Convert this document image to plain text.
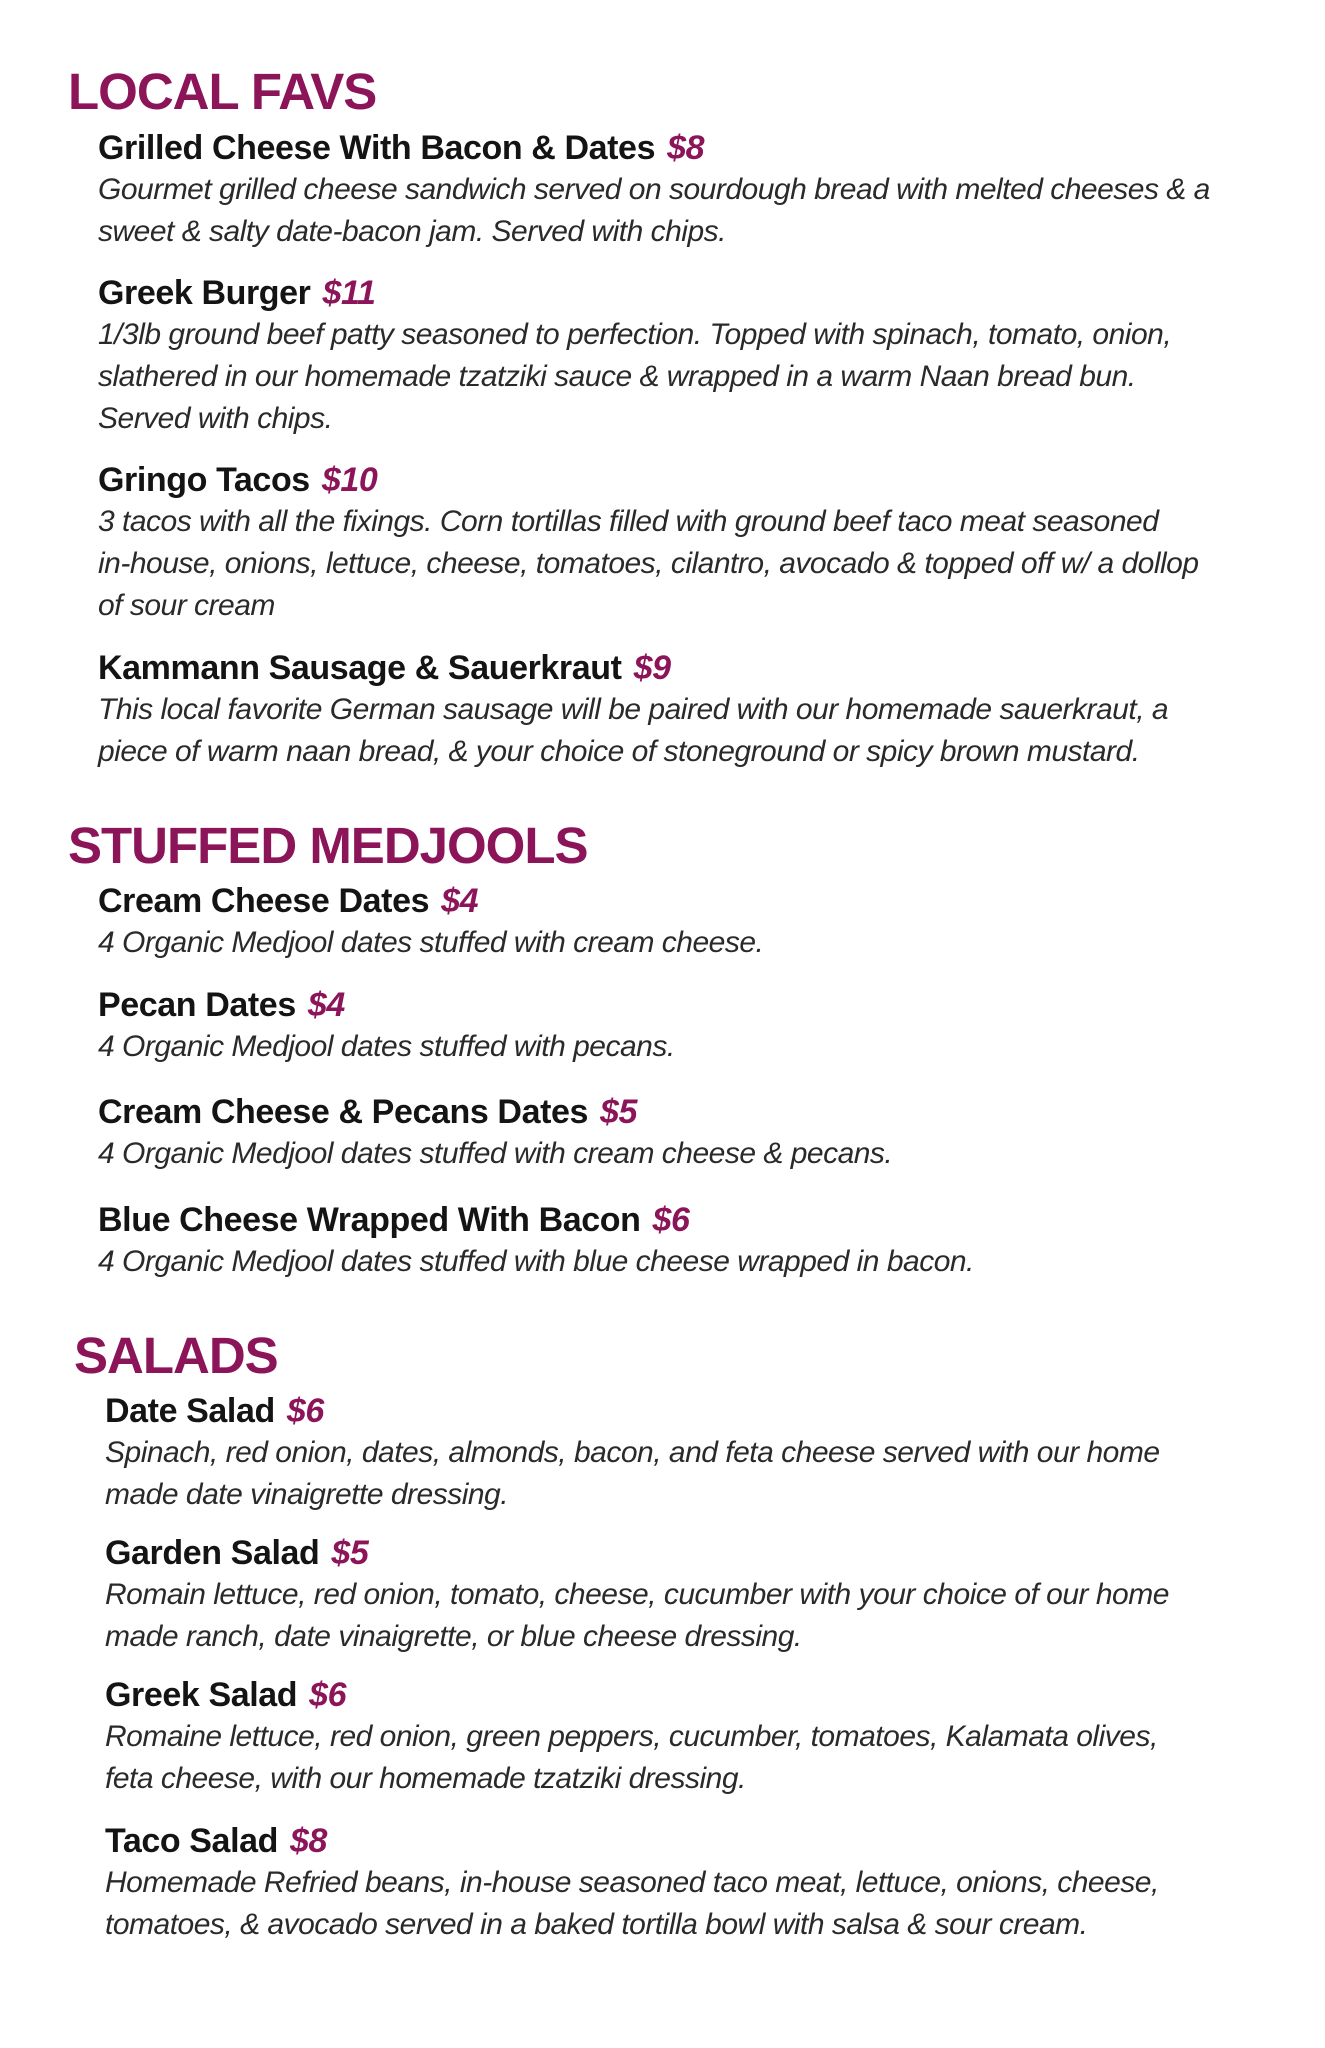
LOCAL FAVS
Grilled Cheese With Bacon & Dates $8
Gourmet grilled cheese sandwich served on sourdough bread with melted cheeses & a
sweet & salty date-bacon jam. Served with chips.
Greek Burger $11
1/3lb ground beef patty seasoned to perfection. Topped with spinach, tomato, onion,
slathered in our homemade tzatziki sauce & wrapped in a warm Naan bread bun.
Served with chips.
Gringo Tacos $10
3 tacos with all the fixings. Corn tortillas filled with ground beef taco meat seasoned
in-house, onions, lettuce, cheese, tomatoes, cilantro, avocado & topped off w/ a dollop
of sour cream
Kammann Sausage & Sauerkraut $9
This local favorite German sausage will be paired with our homemade sauerkraut, a
piece of warm naan bread, & your choice of stoneground or spicy brown mustard.
STUFFED MEDJOOLS
Cream Cheese Dates $4
4 Organic Medjool dates stuffed with cream cheese.
Pecan Dates $4
4 Organic Medjool dates stuffed with pecans.
Cream Cheese & Pecans Dates $5
4 Organic Medjool dates stuffed with cream cheese & pecans.
Blue Cheese Wrapped With Bacon $6
4 Organic Medjool dates stuffed with blue cheese wrapped in bacon.
SALADS
Date Salad $6
Spinach, red onion, dates, almonds, bacon, and feta cheese served with our home
made date vinaigrette dressing.
Garden Salad $5
Romain lettuce, red onion, tomato, cheese, cucumber with your choice of our home
made ranch, date vinaigrette, or blue cheese dressing.
Greek Salad $6
Romaine lettuce, red onion, green peppers, cucumber, tomatoes, Kalamata olives,
feta cheese, with our homemade tzatziki dressing.
Taco Salad $8
Homemade Refried beans, in-house seasoned taco meat, lettuce, onions, cheese,
tomatoes, & avocado served in a baked tortilla bowl with salsa & sour cream.
